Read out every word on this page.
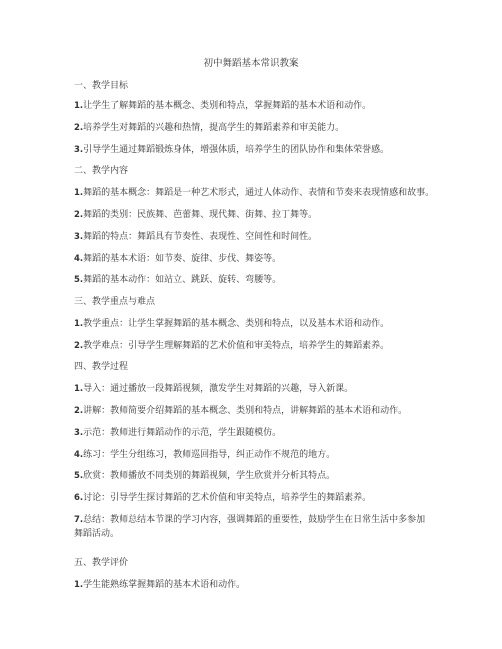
初中舞蹈基本常识教案
一、教学目标
1.让学生了解舞蹈的基本概念、类别和特点，掌握舞蹈的基本术语和动作。
2.培养学生对舞蹈的兴趣和热情，提高学生的舞蹈素养和审美能力。
3.引导学生通过舞蹈锻炼身体，增强体质，培养学生的团队协作和集体荣誉感。
二、教学内容
1.舞蹈的基本概念：舞蹈是一种艺术形式，通过人体动作、表情和节奏来表现情感和故事。
2.舞蹈的类别：民族舞、芭蕾舞、现代舞、街舞、拉丁舞等。
3.舞蹈的特点：舞蹈具有节奏性、表现性、空间性和时间性。
4.舞蹈的基本术语：如节奏、旋律、步伐、舞姿等。
5.舞蹈的基本动作：如站立、跳跃、旋转、弯腰等。
三、教学重点与难点
1.教学重点：让学生掌握舞蹈的基本概念、类别和特点，以及基本术语和动作。
2.教学难点：引导学生理解舞蹈的艺术价值和审美特点，培养学生的舞蹈素养。
四、教学过程
1.导入：通过播放一段舞蹈视频，激发学生对舞蹈的兴趣，导入新课。
2.讲解：教师简要介绍舞蹈的基本概念、类别和特点，讲解舞蹈的基本术语和动作。
3.示范：教师进行舞蹈动作的示范，学生跟随模仿。
4.练习：学生分组练习，教师巡回指导，纠正动作不规范的地方。
5.欣赏：教师播放不同类别的舞蹈视频，学生欣赏并分析其特点。
6.讨论：引导学生探讨舞蹈的艺术价值和审美特点，培养学生的舞蹈素养。
7.总结：教师总结本节课的学习内容，强调舞蹈的重要性，鼓励学生在日常生活中多参加舞蹈活动。
五、教学评价
1.学生能熟练掌握舞蹈的基本术语和动作。
